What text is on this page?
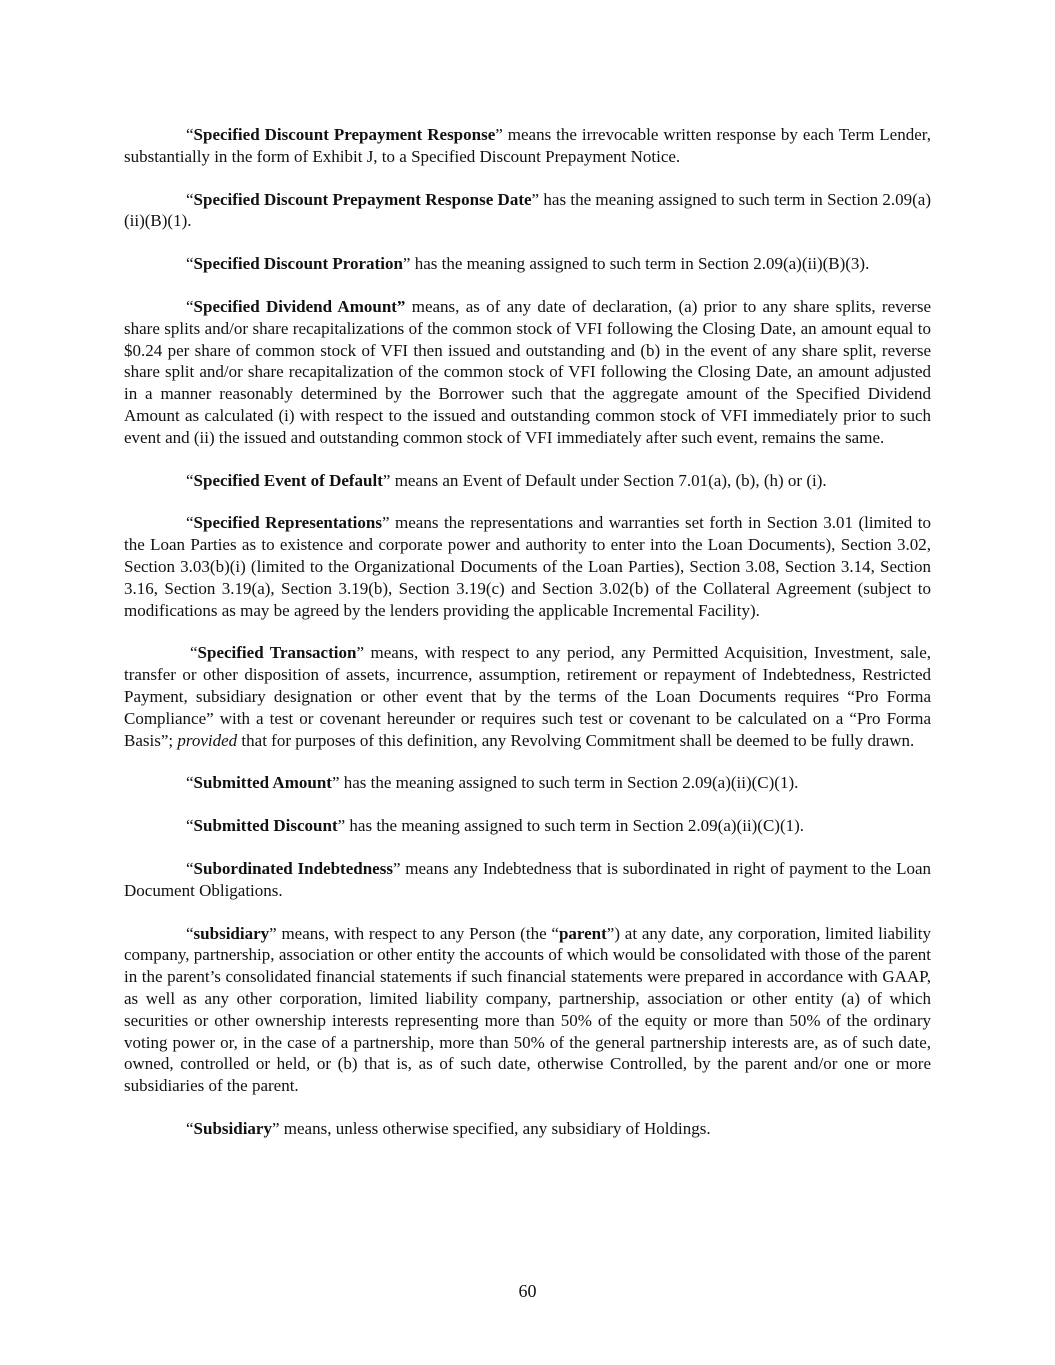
“Specified Discount Prepayment Response” means the irrevocable written response by each Term Lender, substantially in the form of Exhibit J, to a Specified Discount Prepayment Notice.

“Specified Discount Prepayment Response Date” has the meaning assigned to such term in Section 2.09(a)(ii)(B)(1).

“Specified Discount Proration” has the meaning assigned to such term in Section 2.09(a)(ii)(B)(3).

“Specified Dividend Amount” means, as of any date of declaration, (a) prior to any share splits, reverse share splits and/or share recapitalizations of the common stock of VFI following the Closing Date, an amount equal to $0.24 per share of common stock of VFI then issued and outstanding and (b) in the event of any share split, reverse share split and/or share recapitalization of the common stock of VFI following the Closing Date, an amount adjusted in a manner reasonably determined by the Borrower such that the aggregate amount of the Specified Dividend Amount as calculated (i) with respect to the issued and outstanding common stock of VFI immediately prior to such event and (ii) the issued and outstanding common stock of VFI immediately after such event, remains the same.

“Specified Event of Default” means an Event of Default under Section 7.01(a), (b), (h) or (i).

“Specified Representations” means the representations and warranties set forth in Section 3.01 (limited to the Loan Parties as to existence and corporate power and authority to enter into the Loan Documents), Section 3.02, Section 3.03(b)(i) (limited to the Organizational Documents of the Loan Parties), Section 3.08, Section 3.14, Section 3.16, Section 3.19(a), Section 3.19(b), Section 3.19(c) and Section 3.02(b) of the Collateral Agreement (subject to modifications as may be agreed by the lenders providing the applicable Incremental Facility).

“Specified Transaction” means, with respect to any period, any Permitted Acquisition, Investment, sale, transfer or other disposition of assets, incurrence, assumption, retirement or repayment of Indebtedness, Restricted Payment, subsidiary designation or other event that by the terms of the Loan Documents requires “Pro Forma Compliance” with a test or covenant hereunder or requires such test or covenant to be calculated on a “Pro Forma Basis”; provided that for purposes of this definition, any Revolving Commitment shall be deemed to be fully drawn.

“Submitted Amount” has the meaning assigned to such term in Section 2.09(a)(ii)(C)(1).

“Submitted Discount” has the meaning assigned to such term in Section 2.09(a)(ii)(C)(1).

“Subordinated Indebtedness” means any Indebtedness that is subordinated in right of payment to the Loan Document Obligations.

“subsidiary” means, with respect to any Person (the “parent”) at any date, any corporation, limited liability company, partnership, association or other entity the accounts of which would be consolidated with those of the parent in the parent’s consolidated financial statements if such financial statements were prepared in accordance with GAAP, as well as any other corporation, limited liability company, partnership, association or other entity (a) of which securities or other ownership interests representing more than 50% of the equity or more than 50% of the ordinary voting power or, in the case of a partnership, more than 50% of the general partnership interests are, as of such date, owned, controlled or held, or (b) that is, as of such date, otherwise Controlled, by the parent and/or one or more subsidiaries of the parent.

“Subsidiary” means, unless otherwise specified, any subsidiary of Holdings.

60
